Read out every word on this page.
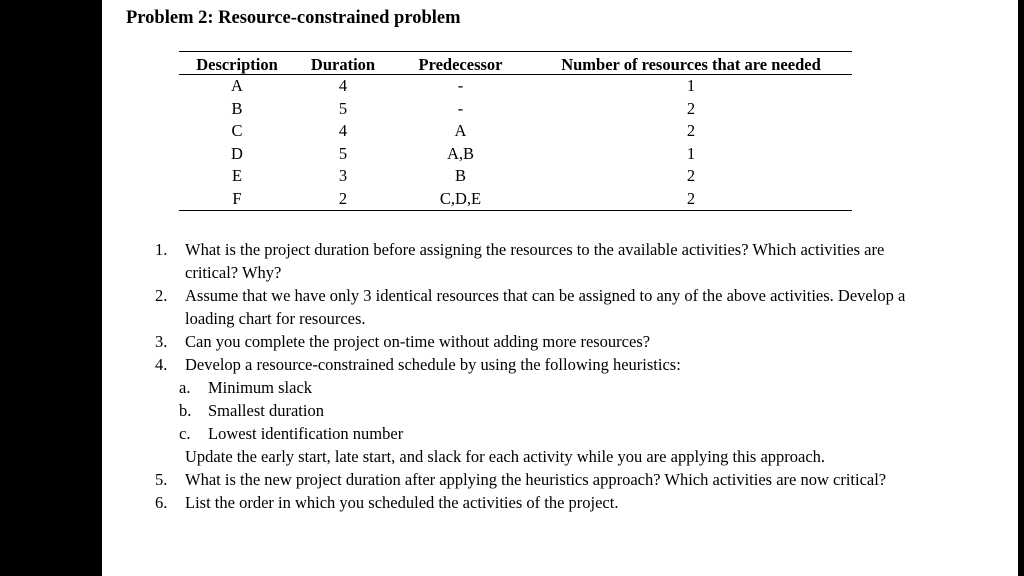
Problem 2: Resource-constrained problem
Description	Duration	Predecessor	Number of resources that are needed
A	4	-	1
B	5	-	2
C	4	A	2
D	5	A,B	1
E	3	B	2
F	2	C,D,E	2
1. What is the project duration before assigning the resources to the available activities? Which activities are critical? Why?
2. Assume that we have only 3 identical resources that can be assigned to any of the above activities. Develop a loading chart for resources.
3. Can you complete the project on-time without adding more resources?
4. Develop a resource-constrained schedule by using the following heuristics:
a. Minimum slack
b. Smallest duration
c. Lowest identification number
Update the early start, late start, and slack for each activity while you are applying this approach.
5. What is the new project duration after applying the heuristics approach? Which activities are now critical?
6. List the order in which you scheduled the activities of the project.
